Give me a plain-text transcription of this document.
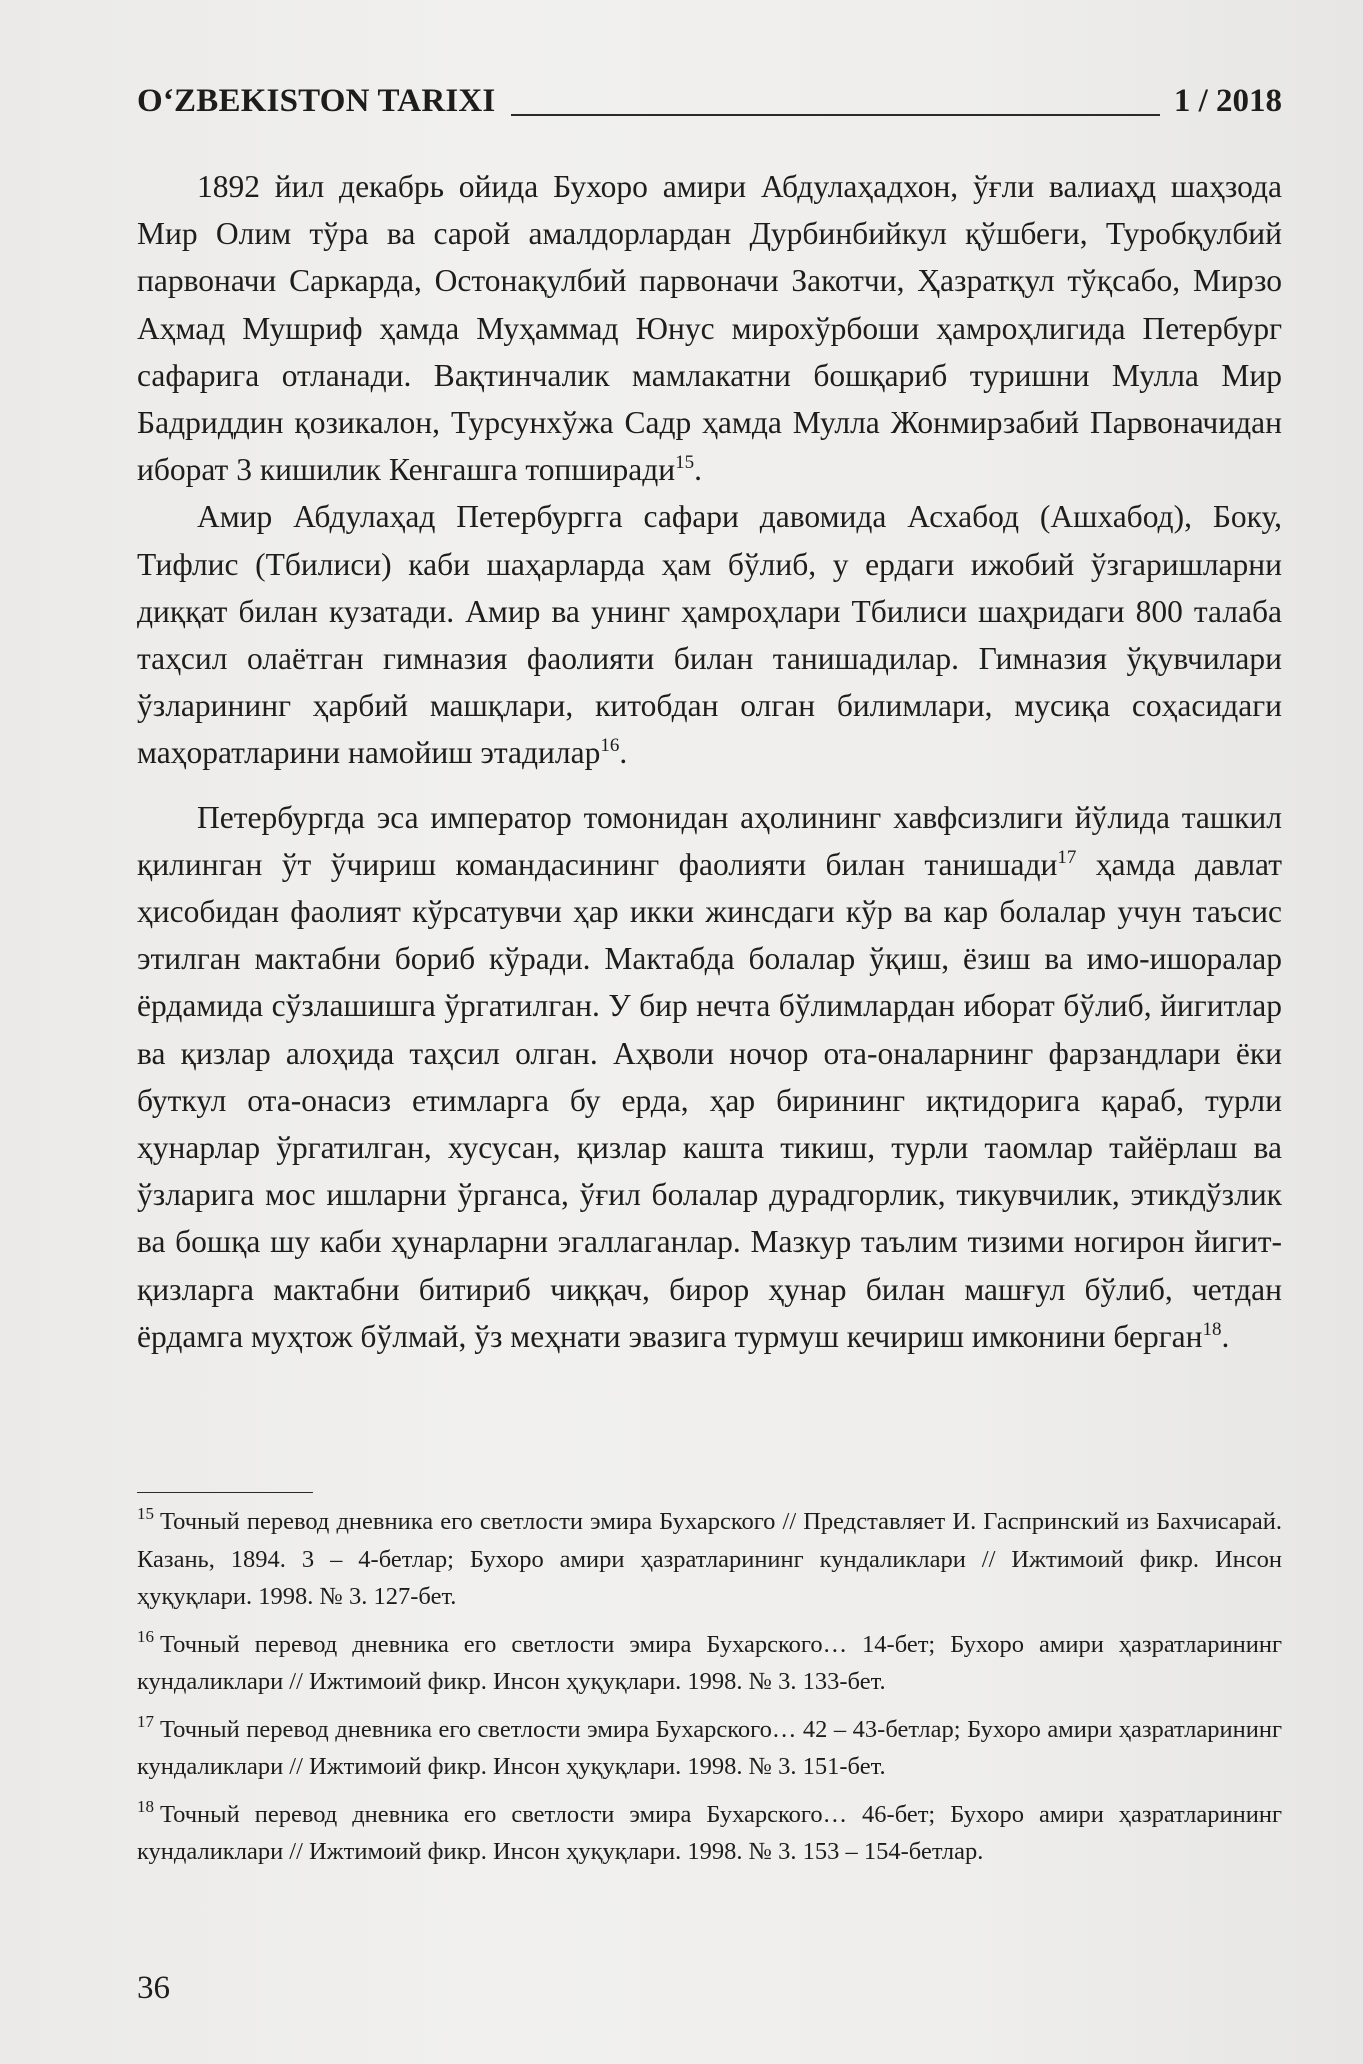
O‘ZBEKISTON TARIXI	1 / 2018

1892 йил декабрь ойида Бухоро амири Абдулаҳадхон, ўғли валиаҳд шаҳзода Мир Олим тўра ва сарой амалдорлардан Дурбинбийкул қўшбеги, Туробқулбий парвоначи Саркарда, Остонақулбий парвоначи Закотчи, Ҳазратқул тўқсабо, Мирзо Аҳмад Мушриф ҳамда Муҳаммад Юнус мирохўрбоши ҳамроҳлигида Петербург сафарига отланади. Вақтинчалик мамлакатни бошқариб туришни Мулла Мир Бадриддин қозикалон, Турсунхўжа Садр ҳамда Мулла Жонмирзабий Парвоначидан иборат 3 кишилик Кенгашга топширади$^{15}$.

Амир Абдулаҳад Петербургга сафари давомида Асхабод (Ашхабод), Боку, Тифлис (Тбилиси) каби шаҳарларда ҳам бўлиб, у ердаги ижобий ўзгаришларни диққат билан кузатади. Амир ва унинг ҳамроҳлари Тбилиси шаҳридаги 800 талаба таҳсил олаётган гимназия фаолияти билан танишадилар. Гимназия ўқувчилари ўзларининг ҳарбий машқлари, китобдан олган билимлари, мусиқа соҳасидаги маҳоратларини намойиш этадилар$^{16}$.

Петербургда эса император томонидан аҳолининг хавфсизлиги йўлида ташкил қилинган ўт ўчириш командасининг фаолияти билан танишади$^{17}$ ҳамда давлат ҳисобидан фаолият кўрсатувчи ҳар икки жинсдаги кўр ва кар болалар учун таъсис этилган мактабни бориб кўради. Мактабда болалар ўқиш, ёзиш ва имо-ишоралар ёрдамида сўзлашишга ўргатилган. У бир нечта бўлимлардан иборат бўлиб, йигитлар ва қизлар алоҳида таҳсил олган. Аҳволи ночор ота-оналарнинг фарзандлари ёки буткул ота-онасиз етимларга бу ерда, ҳар бирининг иқтидорига қараб, турли ҳунарлар ўргатилган, хусусан, қизлар кашта тикиш, турли таомлар тайёрлаш ва ўзларига мос ишларни ўрганса, ўғил болалар дурадгорлик, тикувчилик, этикдўзлик ва бошқа шу каби ҳунарларни эгаллаганлар. Мазкур таълим тизими ногирон йигит-қизларга мактабни битириб чиққач, бирор ҳунар билан машғул бўлиб, четдан ёрдамга муҳтож бўлмай, ўз меҳнати эвазига турмуш кечириш имконини берган$^{18}$.

$^{15}$ Точный перевод дневника его светлости эмира Бухарского // Представляет И. Гаспринский из Бахчисарай. Казань, 1894. 3 – 4-бетлар; Бухоро амири ҳазратларининг кундаликлари // Ижтимоий фикр. Инсон ҳуқуқлари. 1998. № 3. 127-бет.

$^{16}$ Точный перевод дневника его светлости эмира Бухарского… 14-бет; Бухоро амири ҳазратларининг кундаликлари // Ижтимоий фикр. Инсон ҳуқуқлари. 1998. № 3. 133-бет.

$^{17}$ Точный перевод дневника его светлости эмира Бухарского… 42 – 43-бетлар; Бухоро амири ҳазратларининг кундаликлари // Ижтимоий фикр. Инсон ҳуқуқлари. 1998. № 3. 151-бет.

$^{18}$ Точный перевод дневника его светлости эмира Бухарского… 46-бет; Бухоро амири ҳазратларининг кундаликлари // Ижтимоий фикр. Инсон ҳуқуқлари. 1998. № 3. 153 – 154-бетлар.

36
